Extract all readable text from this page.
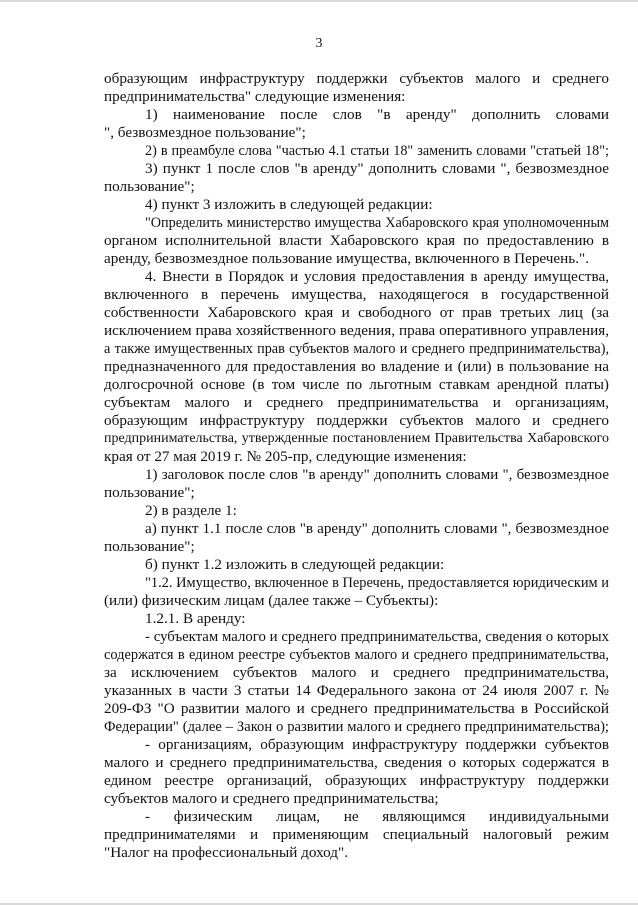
3
образующим инфраструктуру поддержки субъектов малого и среднего
предпринимательства" следующие изменения:
1) наименование после слов "в аренду" дополнить словами
", безвозмездное пользование";
2) в преамбуле слова "частью 4.1 статьи 18" заменить словами "статьей 18";
3) пункт 1 после слов "в аренду" дополнить словами ", безвозмездное
пользование";
4) пункт 3 изложить в следующей редакции:
"Определить министерство имущества Хабаровского края уполномоченным
органом исполнительной власти Хабаровского края по предоставлению в
аренду, безвозмездное пользование имущества, включенного в Перечень.".
4. Внести в Порядок и условия предоставления в аренду имущества,
включенного в перечень имущества, находящегося в государственной
собственности Хабаровского края и свободного от прав третьих лиц (за
исключением права хозяйственного ведения, права оперативного управления,
а также имущественных прав субъектов малого и среднего предпринимательства),
предназначенного для предоставления во владение и (или) в пользование на
долгосрочной основе (в том числе по льготным ставкам арендной платы)
субъектам малого и среднего предпринимательства и организациям,
образующим инфраструктуру поддержки субъектов малого и среднего
предпринимательства, утвержденные постановлением Правительства Хабаровского
края от 27 мая 2019 г. № 205-пр, следующие изменения:
1) заголовок после слов "в аренду" дополнить словами ", безвозмездное
пользование";
2) в разделе 1:
а) пункт 1.1 после слов "в аренду" дополнить словами ", безвозмездное
пользование";
б) пункт 1.2 изложить в следующей редакции:
"1.2. Имущество, включенное в Перечень, предоставляется юридическим и
(или) физическим лицам (далее также – Субъекты):
1.2.1. В аренду:
- субъектам малого и среднего предпринимательства, сведения о которых
содержатся в едином реестре субъектов малого и среднего предпринимательства,
за исключением субъектов малого и среднего предпринимательства,
указанных в части 3 статьи 14 Федерального закона от 24 июля 2007 г. №
209-ФЗ "О развитии малого и среднего предпринимательства в Российской
Федерации" (далее – Закон о развитии малого и среднего предпринимательства);
- организациям, образующим инфраструктуру поддержки субъектов
малого и среднего предпринимательства, сведения о которых содержатся в
едином реестре организаций, образующих инфраструктуру поддержки
субъектов малого и среднего предпринимательства;
- физическим лицам, не являющимся индивидуальными
предпринимателями и применяющим специальный налоговый режим
"Налог на профессиональный доход".
